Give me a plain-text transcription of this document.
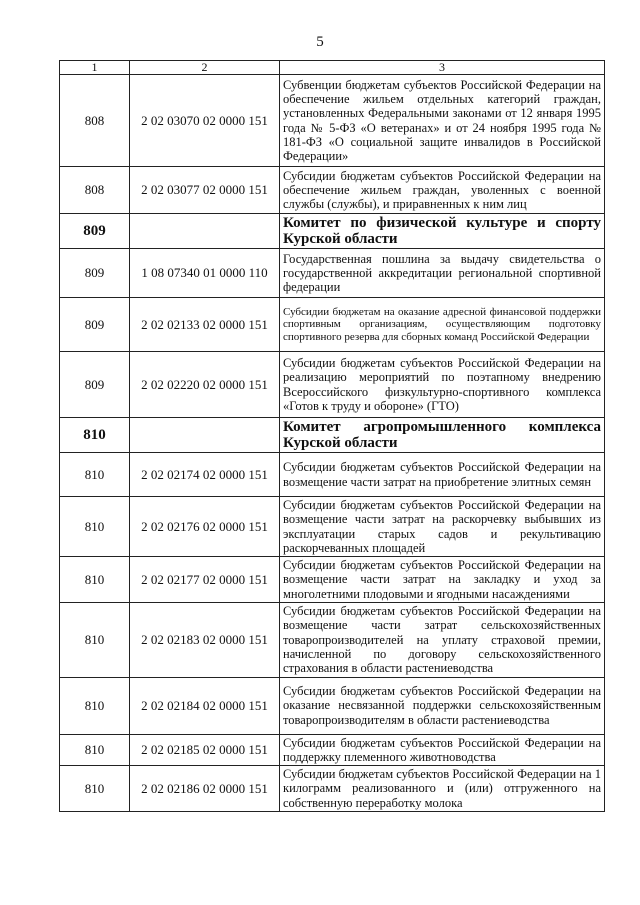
5
1	2	3
808	2 02 03070 02 0000 151	Субвенции бюджетам субъектов Российской Федерации на обеспечение жильем отдельных категорий граждан, установленных Федеральными законами от 12 января 1995 года № 5-ФЗ «О ветеранах» и от 24 ноября 1995 года № 181-ФЗ «О социальной защите инвалидов в Российской Федерации»
808	2 02 03077 02 0000 151	Субсидии бюджетам субъектов Российской Федерации на обеспечение жильем граждан, уволенных с военной службы (службы), и приравненных к ним лиц
809		Комитет по физической культуре и спорту Курской области
809	1 08 07340 01 0000 110	Государственная пошлина за выдачу свидетельства о государственной аккредитации региональной спортивной федерации
809	2 02 02133 02 0000 151	Субсидии бюджетам на оказание адресной финансовой поддержки спортивным организациям, осуществляющим подготовку спортивного резерва для сборных команд Российской Федерации
809	2 02 02220 02 0000 151	Субсидии бюджетам субъектов Российской Федерации на реализацию мероприятий по поэтапному внедрению Всероссийского физкультурно-спортивного комплекса «Готов к труду и обороне» (ГТО)
810		Комитет агропромышленного комплекса Курской области
810	2 02 02174 02 0000 151	Субсидии бюджетам субъектов Российской Федерации на возмещение части затрат на приобретение элитных семян
810	2 02 02176 02 0000 151	Субсидии бюджетам субъектов Российской Федерации на возмещение части затрат на раскорчевку выбывших из эксплуатации старых садов и рекультивацию раскорчеванных площадей
810	2 02 02177 02 0000 151	Субсидии бюджетам субъектов Российской Федерации на возмещение части затрат на закладку и уход за многолетними плодовыми и ягодными насаждениями
810	2 02 02183 02 0000 151	Субсидии бюджетам субъектов Российской Федерации на возмещение части затрат сельскохозяйственных товаропроизводителей на уплату страховой премии, начисленной по договору сельскохозяйственного страхования в области растениеводства
810	2 02 02184 02 0000 151	Субсидии бюджетам субъектов Российской Федерации на оказание несвязанной поддержки сельскохозяйственным товаропроизводителям в области растениеводства
810	2 02 02185 02 0000 151	Субсидии бюджетам субъектов Российской Федерации на поддержку племенного животноводства
810	2 02 02186 02 0000 151	Субсидии бюджетам субъектов Российской Федерации на 1 килограмм реализованного и (или) отгруженного на собственную переработку молока
